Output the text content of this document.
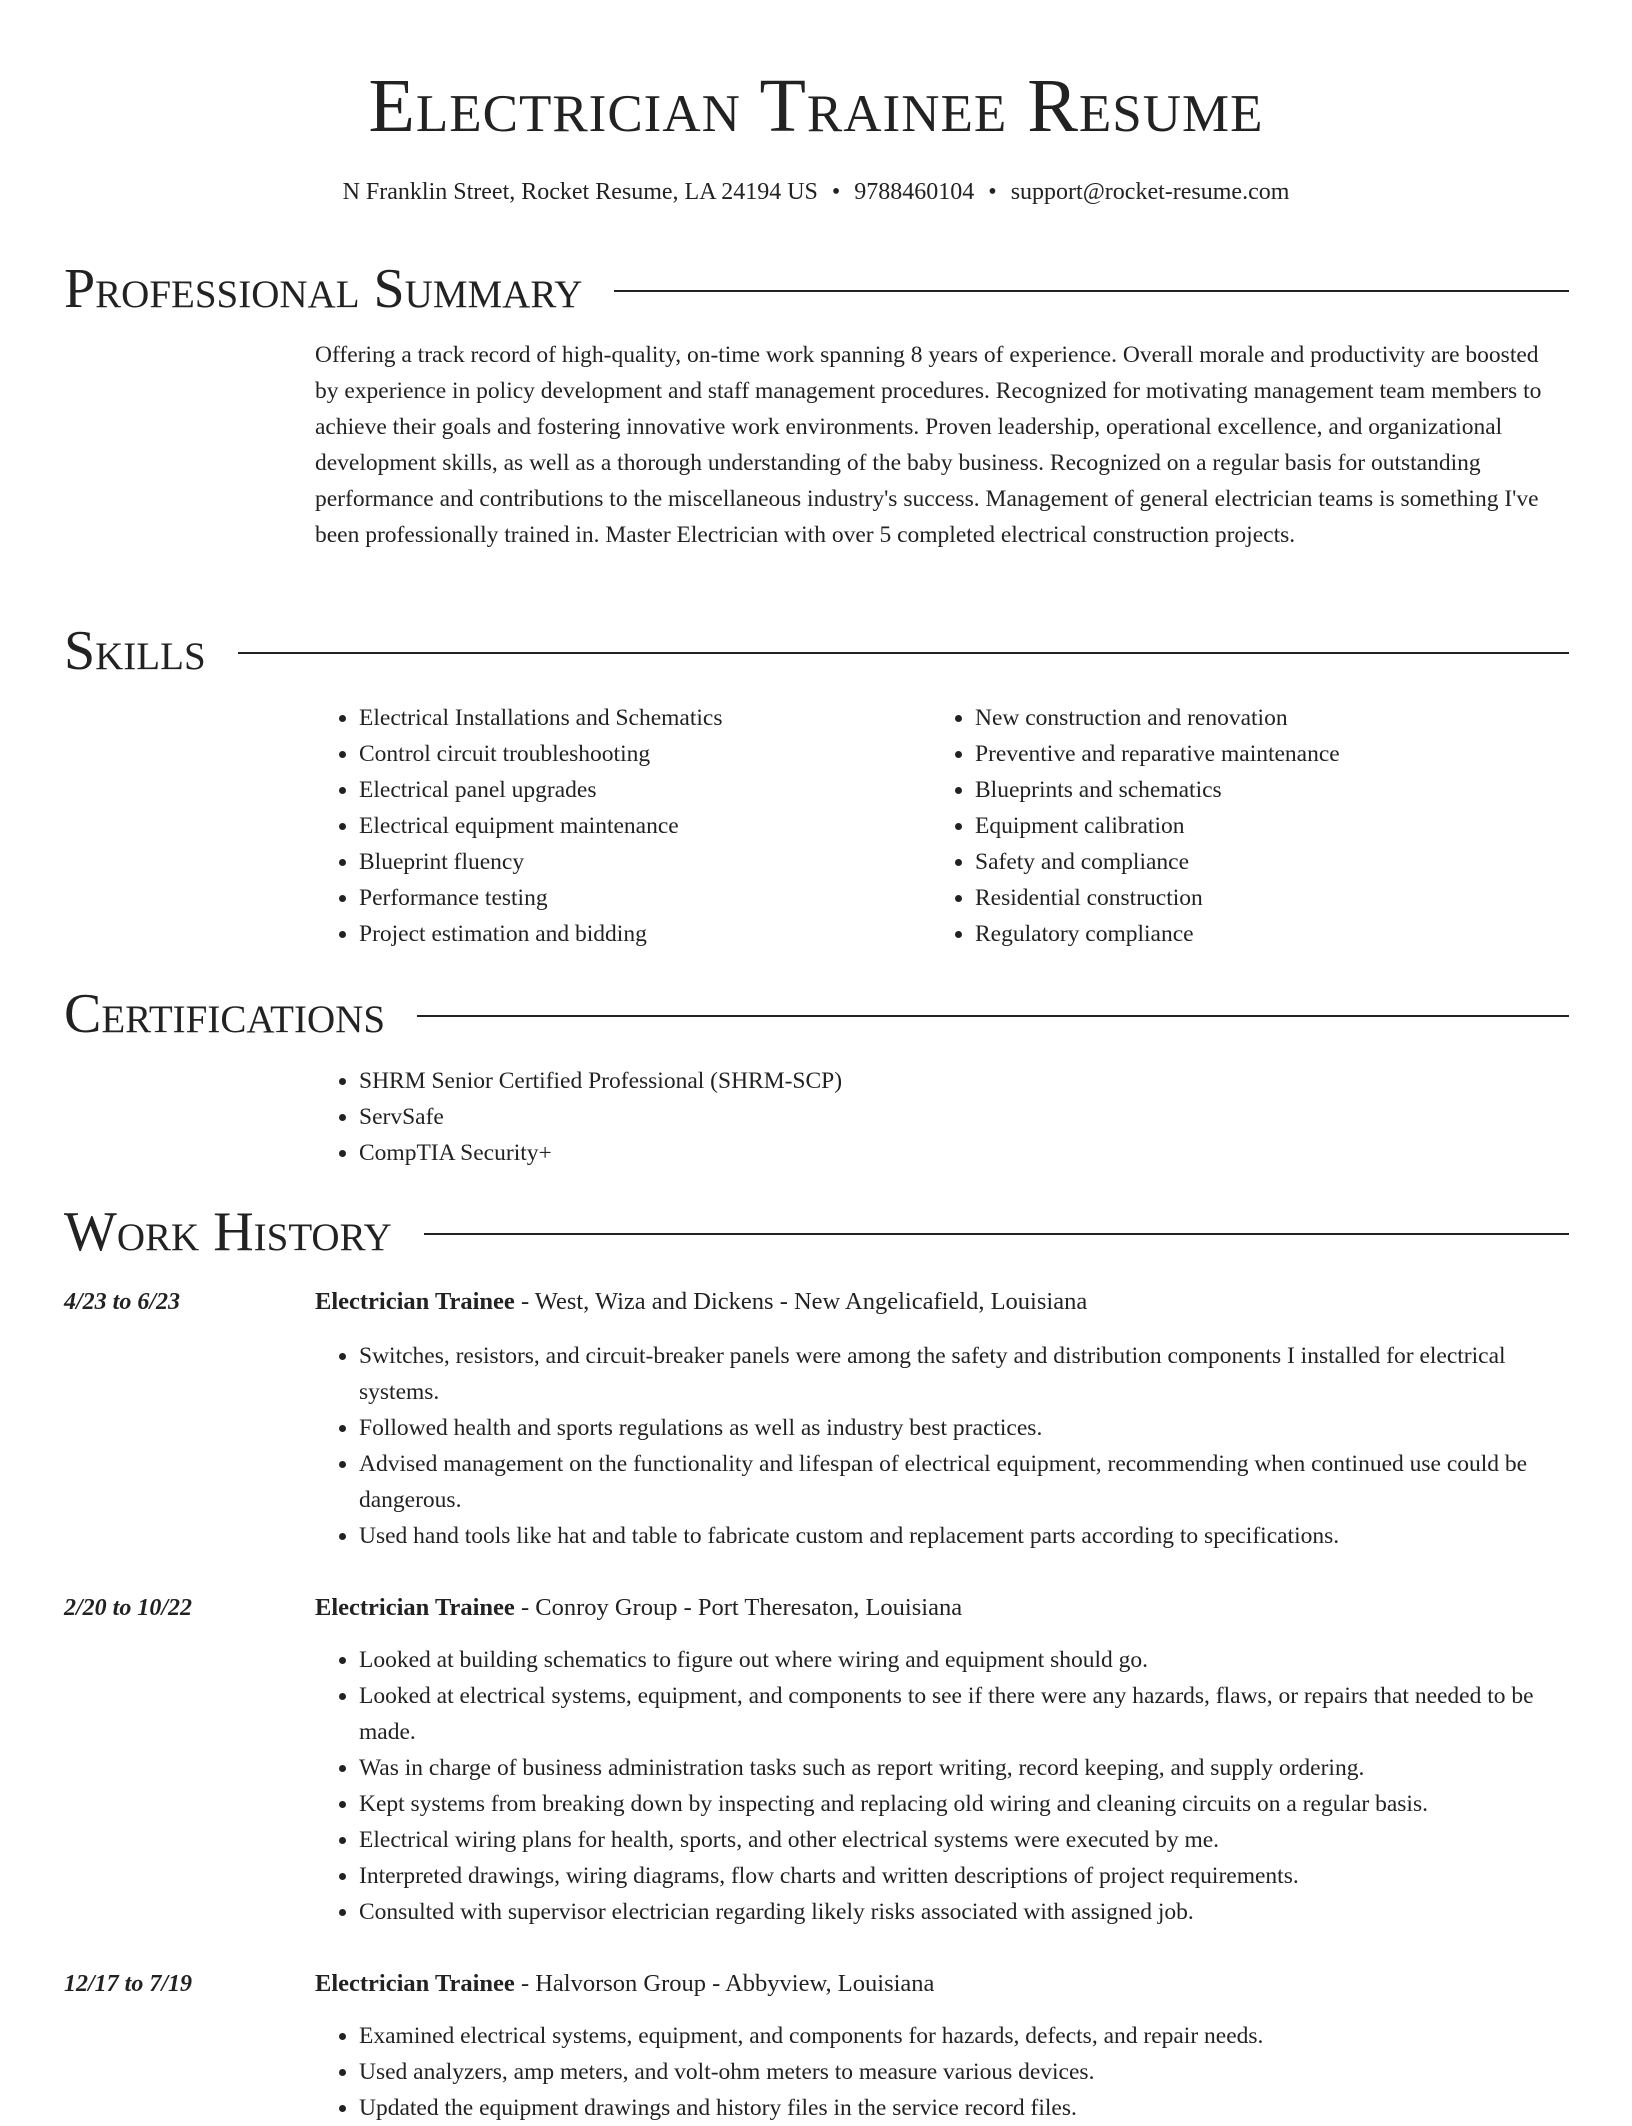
Electrician Trainee Resume
N Franklin Street, Rocket Resume, LA 24194 US • 9788460104 • support@rocket-resume.com
Professional Summary

Offering a track record of high-quality, on-time work spanning 8 years of experience. Overall morale and productivity are boosted by experience in policy development and staff management procedures. Recognized for motivating management team members to achieve their goals and fostering innovative work environments. Proven leadership, operational excellence, and organizational development skills, as well as a thorough understanding of the baby business. Recognized on a regular basis for outstanding performance and contributions to the miscellaneous industry's success. Management of general electrician teams is something I've been professionally trained in. Master Electrician with over 5 completed electrical construction projects.

Skills
• Electrical Installations and Schematics
• Control circuit troubleshooting
• Electrical panel upgrades
• Electrical equipment maintenance
• Blueprint fluency
• Performance testing
• Project estimation and bidding
• New construction and renovation
• Preventive and reparative maintenance
• Blueprints and schematics
• Equipment calibration
• Safety and compliance
• Residential construction
• Regulatory compliance
Certifications
• SHRM Senior Certified Professional (SHRM-SCP)
• ServSafe
• CompTIA Security+
Work History
4/23 to 6/23	Electrician Trainee - West, Wiza and Dickens - New Angelicafield, Louisiana
• Switches, resistors, and circuit-breaker panels were among the safety and distribution components I installed for electrical systems.
• Followed health and sports regulations as well as industry best practices.
• Advised management on the functionality and lifespan of electrical equipment, recommending when continued use could be dangerous.
• Used hand tools like hat and table to fabricate custom and replacement parts according to specifications.
2/20 to 10/22	Electrician Trainee - Conroy Group - Port Theresaton, Louisiana
• Looked at building schematics to figure out where wiring and equipment should go.
• Looked at electrical systems, equipment, and components to see if there were any hazards, flaws, or repairs that needed to be made.
• Was in charge of business administration tasks such as report writing, record keeping, and supply ordering.
• Kept systems from breaking down by inspecting and replacing old wiring and cleaning circuits on a regular basis.
• Electrical wiring plans for health, sports, and other electrical systems were executed by me.
• Interpreted drawings, wiring diagrams, flow charts and written descriptions of project requirements.
• Consulted with supervisor electrician regarding likely risks associated with assigned job.
12/17 to 7/19	Electrician Trainee - Halvorson Group - Abbyview, Louisiana
• Examined electrical systems, equipment, and components for hazards, defects, and repair needs.
• Used analyzers, amp meters, and volt-ohm meters to measure various devices.
• Updated the equipment drawings and history files in the service record files.
